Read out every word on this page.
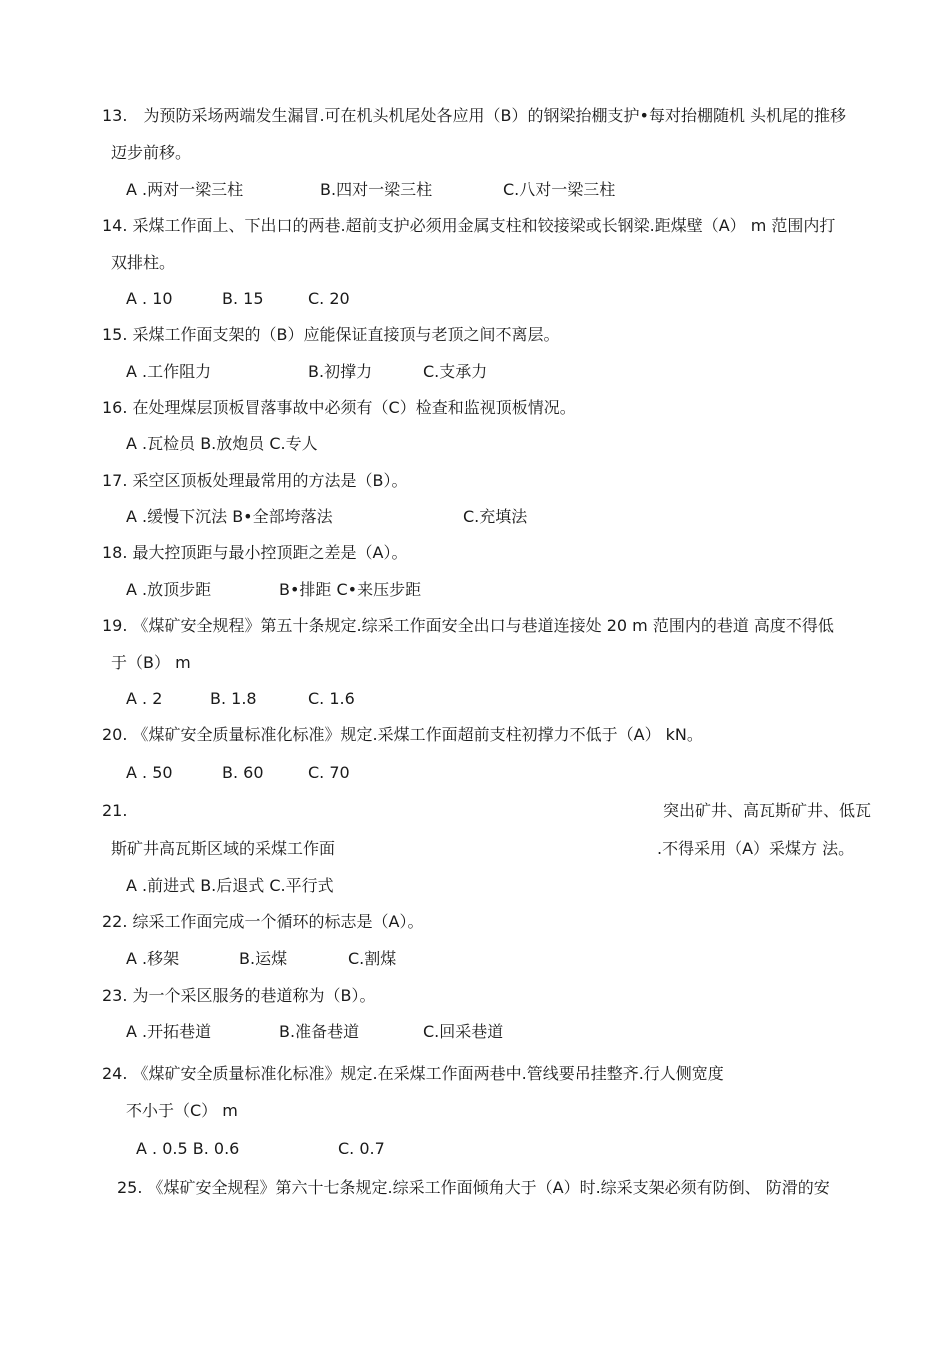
13.　为预防采场两端发生漏冒.可在机头机尾处各应用（B）的钢梁抬棚支护•每对抬棚随机 头机尾的推移
迈步前移。
A .两对一梁三柱	B.四对一梁三柱	C.八对一梁三柱
14. 采煤工作面上、下出口的两巷.超前支护必须用金属支柱和铰接梁或长钢梁.距煤壁（A） m 范围内打
双排柱。
A . 10	B. 15	C. 20
15. 采煤工作面支架的（B）应能保证直接顶与老顶之间不离层。
A .工作阻力	B.初撑力	C.支承力
16. 在处理煤层顶板冒落事故中必须有（C）检查和监视顶板情况。
A .瓦检员 B.放炮员 C.专人
17. 采空区顶板处理最常用的方法是（B）。
A .缓慢下沉法 B•全部垮落法	C.充填法
18. 最大控顶距与最小控顶距之差是（A）。
A .放顶步距	B•排距 C•来压步距
19. 《煤矿安全规程》第五十条规定.综采工作面安全出口与巷道连接处 20 m 范围内的巷道 高度不得低
于（B） m
A . 2	B. 1.8	C. 1.6
20. 《煤矿安全质量标准化标准》规定.采煤工作面超前支柱初撑力不低于（A） kN。
A . 50	B. 60	C. 70
21.	突出矿井、高瓦斯矿井、低瓦
斯矿井高瓦斯区域的采煤工作面	.不得采用（A）采煤方 法。
A .前进式 B.后退式 C.平行式
22. 综采工作面完成一个循环的标志是（A）。
A .移架	B.运煤	C.割煤
23. 为一个采区服务的巷道称为（B）。
A .开拓巷道	B.准备巷道	C.回采巷道
24. 《煤矿安全质量标准化标准》规定.在采煤工作面两巷中.管线要吊挂整齐.行人侧宽度
不小于（C） m
A . 0.5 B. 0.6	C. 0.7
25. 《煤矿安全规程》第六十七条规定.综采工作面倾角大于（A）时.综采支架必须有防倒、 防滑的安
